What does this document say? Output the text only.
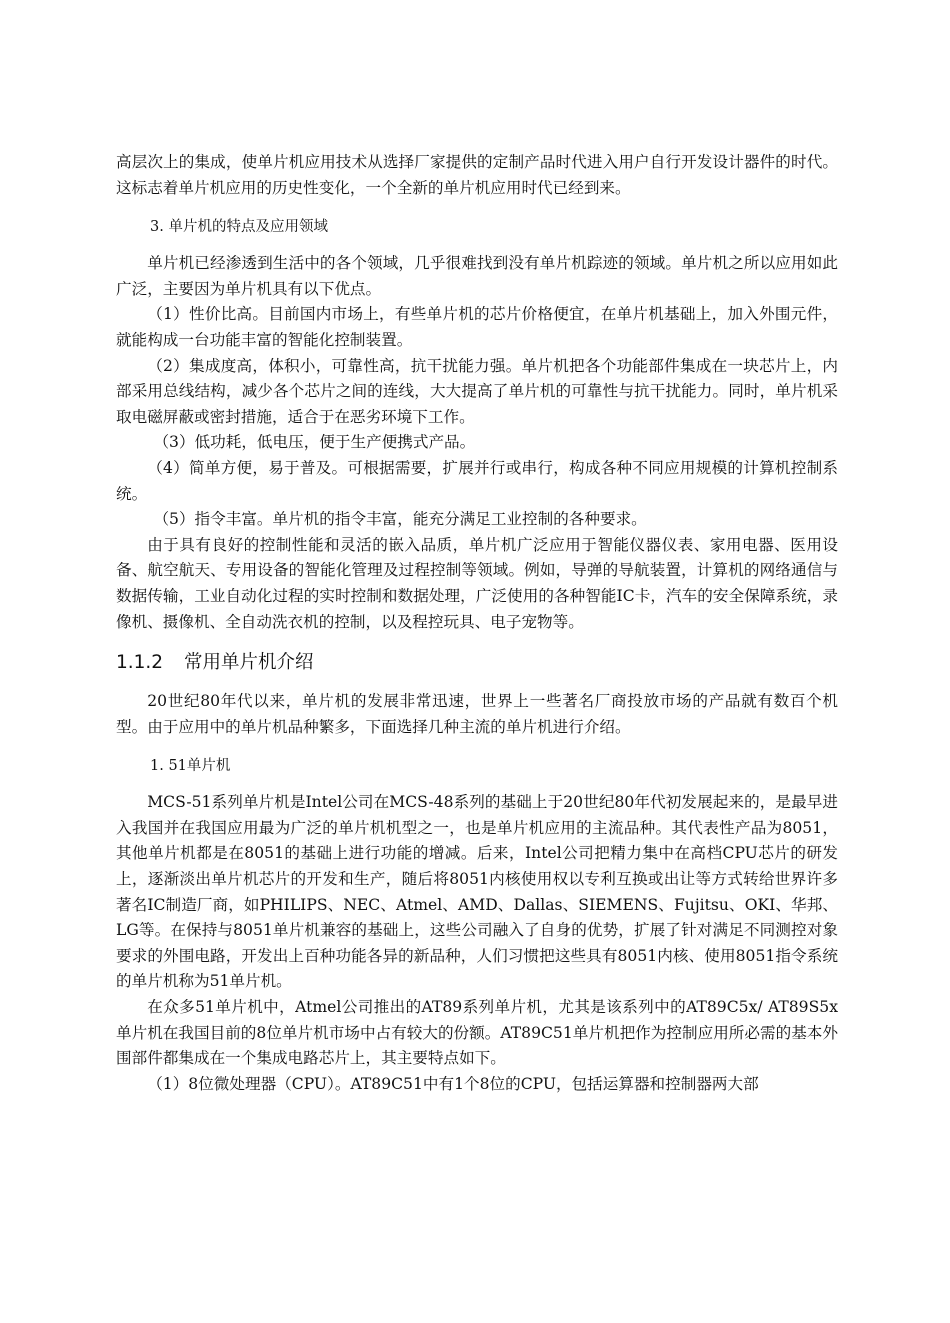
高层次上的集成，使单片机应用技术从选择厂家提供的定制产品时代进入用户自行开发设计器件的时代。这标志着单片机应用的历史性变化，一个全新的单片机应用时代已经到来。

3. 单片机的特点及应用领域

单片机已经渗透到生活中的各个领域，几乎很难找到没有单片机踪迹的领域。单片机之所以应用如此广泛，主要因为单片机具有以下优点。

（1）性价比高。目前国内市场上，有些单片机的芯片价格便宜，在单片机基础上，加入外围元件，就能构成一台功能丰富的智能化控制装置。

（2）集成度高，体积小，可靠性高，抗干扰能力强。单片机把各个功能部件集成在一块芯片上，内部采用总线结构，减少各个芯片之间的连线，大大提高了单片机的可靠性与抗干扰能力。同时，单片机采取电磁屏蔽或密封措施，适合于在恶劣环境下工作。

（3）低功耗，低电压，便于生产便携式产品。

（4）简单方便，易于普及。可根据需要，扩展并行或串行，构成各种不同应用规模的计算机控制系统。

（5）指令丰富。单片机的指令丰富，能充分满足工业控制的各种要求。

由于具有良好的控制性能和灵活的嵌入品质，单片机广泛应用于智能仪器仪表、家用电器、医用设备、航空航天、专用设备的智能化管理及过程控制等领域。例如，导弹的导航装置，计算机的网络通信与数据传输，工业自动化过程的实时控制和数据处理，广泛使用的各种智能IC卡，汽车的安全保障系统，录像机、摄像机、全自动洗衣机的控制，以及程控玩具、电子宠物等。

1.1.2 常用单片机介绍

20世纪80年代以来，单片机的发展非常迅速，世界上一些著名厂商投放市场的产品就有数百个机型。由于应用中的单片机品种繁多，下面选择几种主流的单片机进行介绍。

1. 51单片机

MCS-51系列单片机是Intel公司在MCS-48系列的基础上于20世纪80年代初发展起来的，是最早进入我国并在我国应用最为广泛的单片机机型之一，也是单片机应用的主流品种。其代表性产品为8051，其他单片机都是在8051的基础上进行功能的增减。后来，Intel公司把精力集中在高档CPU芯片的研发上，逐渐淡出单片机芯片的开发和生产，随后将8051内核使用权以专利互换或出让等方式转给世界许多著名IC制造厂商，如PHILIPS、NEC、Atmel、AMD、Dallas、SIEMENS、Fujitsu、OKI、华邦、LG等。在保持与8051单片机兼容的基础上，这些公司融入了自身的优势，扩展了针对满足不同测控对象要求的外围电路，开发出上百种功能各异的新品种，人们习惯把这些具有8051内核、使用8051指令系统的单片机称为51单片机。

在众多51单片机中，Atmel公司推出的AT89系列单片机，尤其是该系列中的AT89C5x/ AT89S5x单片机在我国目前的8位单片机市场中占有较大的份额。AT89C51单片机把作为控制应用所必需的基本外围部件都集成在一个集成电路芯片上，其主要特点如下。

（1）8位微处理器（CPU）。AT89C51中有1个8位的CPU，包括运算器和控制器两大部
